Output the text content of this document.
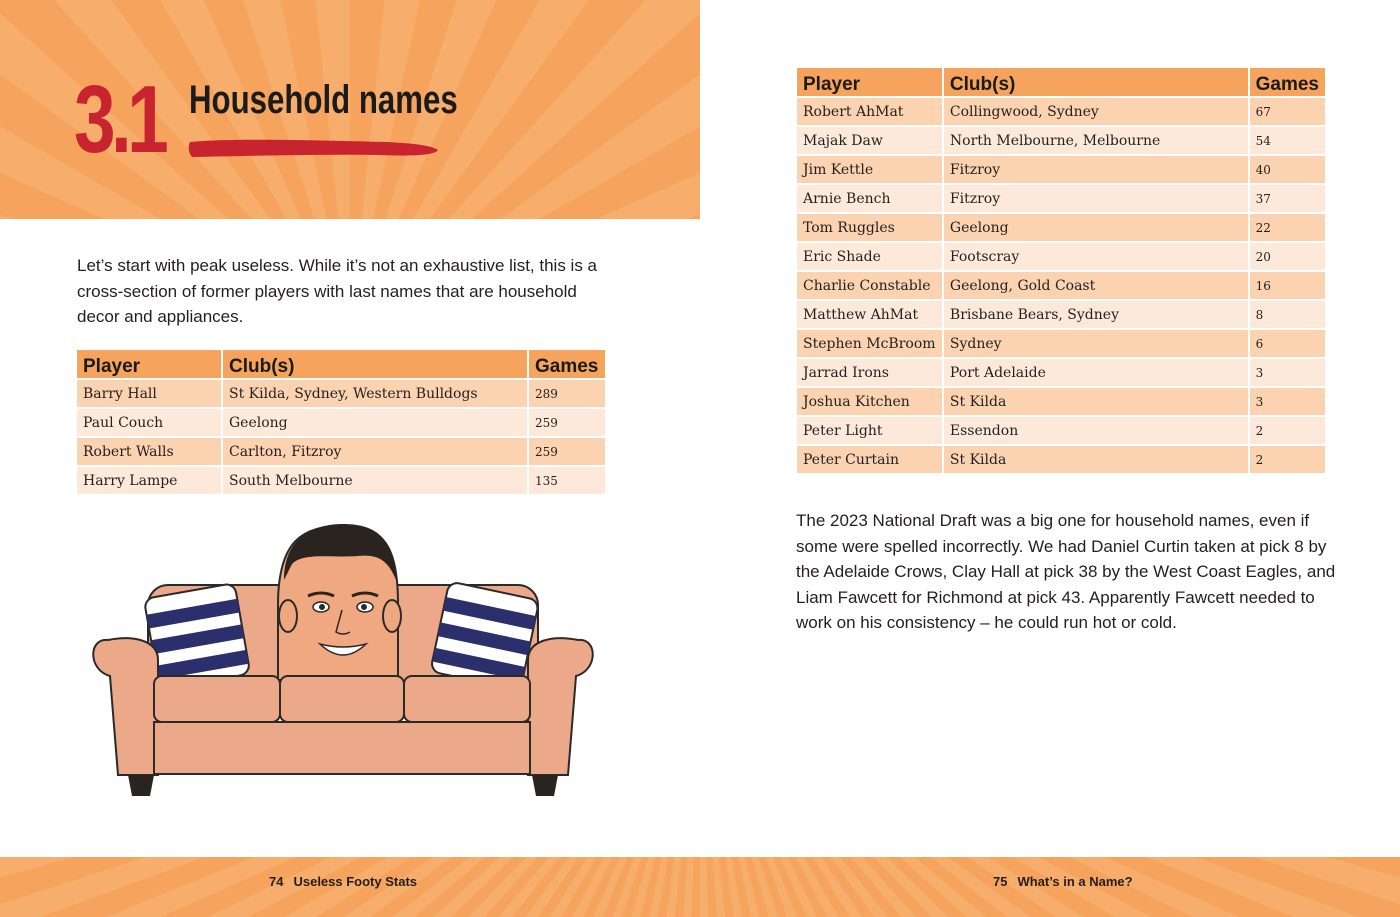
3.1 Household names

Let’s start with peak useless. While it’s not an exhaustive list, this is a cross-section of former players with last names that are household decor and appliances.

Player	Club(s)	Games
Barry Hall	St Kilda, Sydney, Western Bulldogs	289
Paul Couch	Geelong	259
Robert Walls	Carlton, Fitzroy	259
Harry Lampe	South Melbourne	135
Player	Club(s)	Games
Robert AhMat	Collingwood, Sydney	67
Majak Daw	North Melbourne, Melbourne	54
Jim Kettle	Fitzroy	40
Arnie Bench	Fitzroy	37
Tom Ruggles	Geelong	22
Eric Shade	Footscray	20
Charlie Constable	Geelong, Gold Coast	16
Matthew AhMat	Brisbane Bears, Sydney	8
Stephen McBroom	Sydney	6
Jarrad Irons	Port Adelaide	3
Joshua Kitchen	St Kilda	3
Peter Light	Essendon	2
Peter Curtain	St Kilda	2

The 2023 National Draft was a big one for household names, even if some were spelled incorrectly. We had Daniel Curtin taken at pick 8 by the Adelaide Crows, Clay Hall at pick 38 by the West Coast Eagles, and Liam Fawcett for Richmond at pick 43. Apparently Fawcett needed to work on his consistency – he could run hot or cold.

74 Useless Footy Stats	75 What’s in a Name?
